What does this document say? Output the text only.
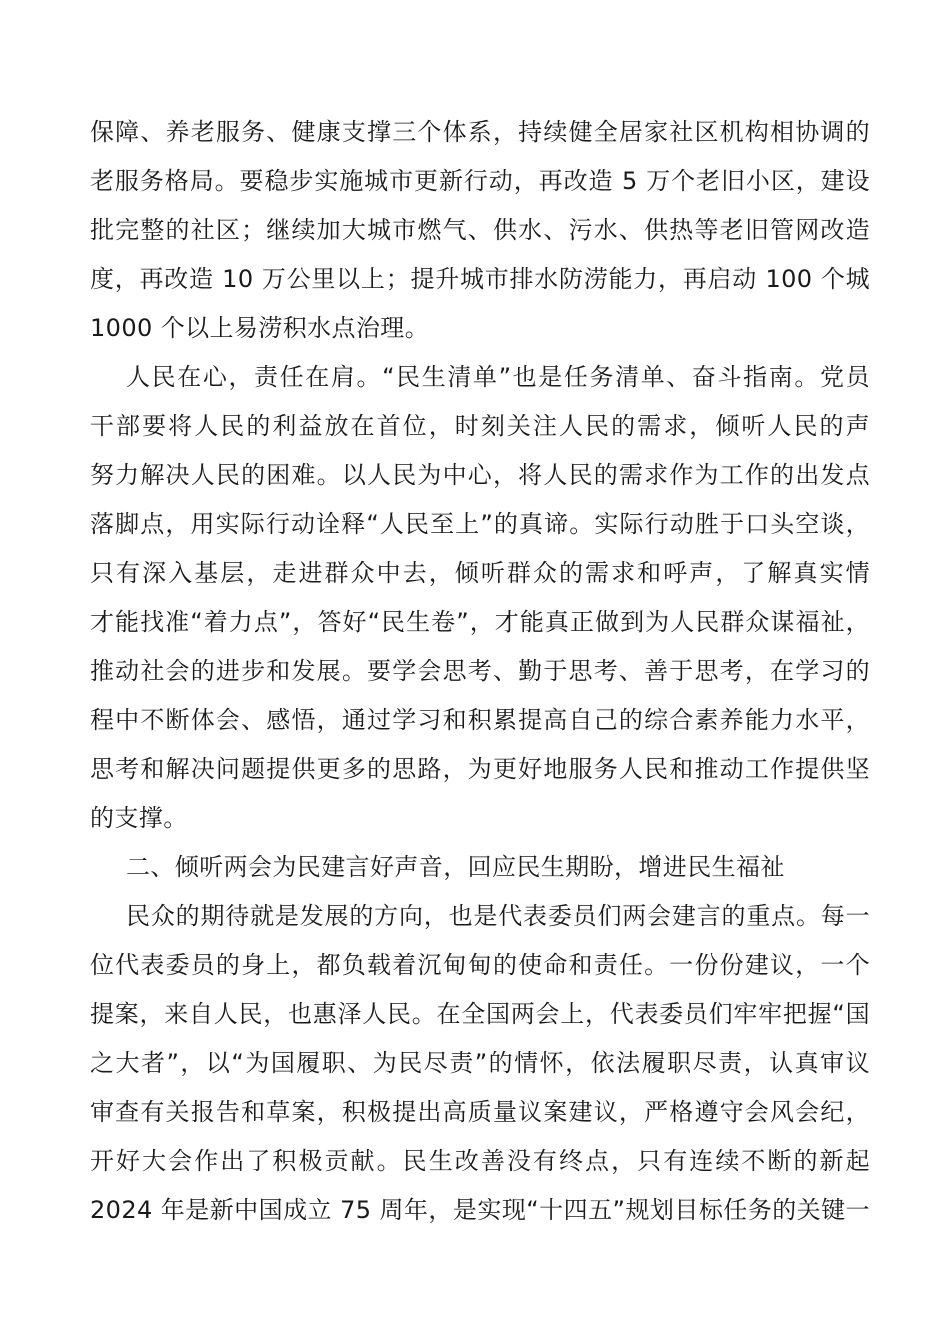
保障、养老服务、健康支撑三个体系，持续健全居家社区机构相协调的
老服务格局。要稳步实施城市更新行动，再改造 5 万个老旧小区，建设
批完整的社区；继续加大城市燃气、供水、污水、供热等老旧管网改造
度，再改造 10 万公里以上；提升城市排水防涝能力，再启动 100 个城
1000 个以上易涝积水点治理。
人民在心，责任在肩。“民生清单”也是任务清单、奋斗指南。党员
干部要将人民的利益放在首位，时刻关注人民的需求，倾听人民的声
努力解决人民的困难。以人民为中心，将人民的需求作为工作的出发点
落脚点，用实际行动诠释“人民至上”的真谛。实际行动胜于口头空谈，
只有深入基层，走进群众中去，倾听群众的需求和呼声，了解真实情
才能找准“着力点”，答好“民生卷”，才能真正做到为人民群众谋福祉，
推动社会的进步和发展。要学会思考、勤于思考、善于思考，在学习的
程中不断体会、感悟，通过学习和积累提高自己的综合素养能力水平，
思考和解决问题提供更多的思路，为更好地服务人民和推动工作提供坚
的支撑。
二、倾听两会为民建言好声音，回应民生期盼，增进民生福祉
民众的期待就是发展的方向，也是代表委员们两会建言的重点。每一
位代表委员的身上，都负载着沉甸甸的使命和责任。一份份建议，一个
提案，来自人民，也惠泽人民。在全国两会上，代表委员们牢牢把握“国
之大者”，以“为国履职、为民尽责”的情怀，依法履职尽责，认真审议
审查有关报告和草案，积极提出高质量议案建议，严格遵守会风会纪，
开好大会作出了积极贡献。民生改善没有终点，只有连续不断的新起
2024 年是新中国成立 75 周年，是实现“十四五”规划目标任务的关键一
